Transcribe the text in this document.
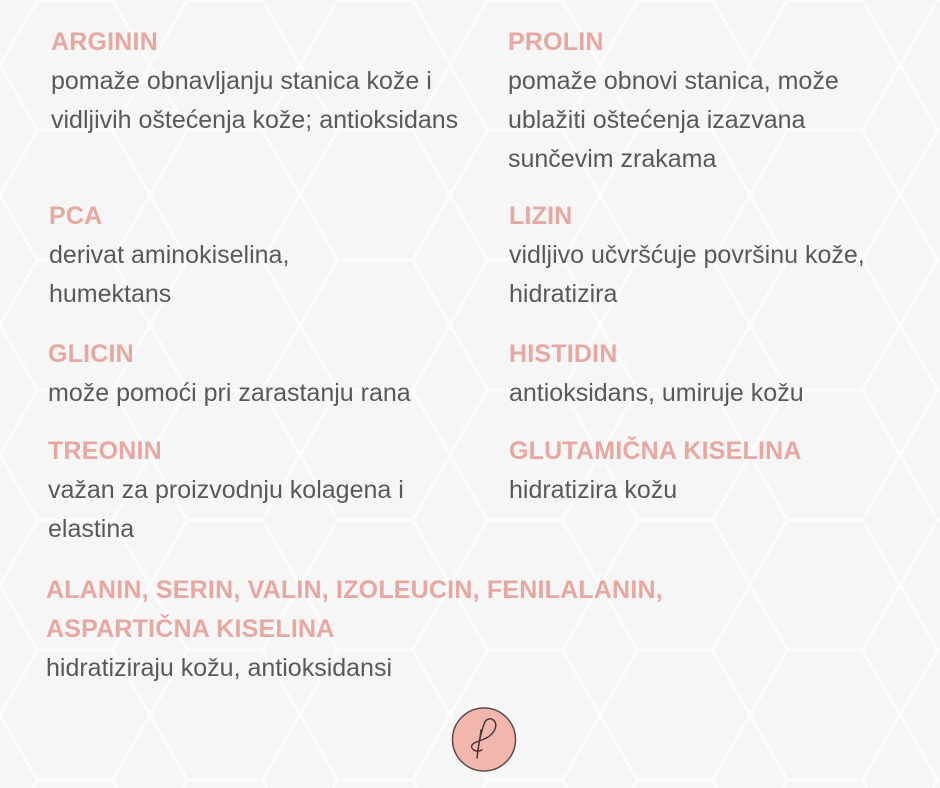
ARGININ
pomaže obnavljanju stanica kože i vidljivih oštećenja kože; antioksidans
PROLIN
pomaže obnovi stanica, može ublažiti oštećenja izazvana sunčevim zrakama
PCA
derivat aminokiselina, humektans
LIZIN
vidljivo učvršćuje površinu kože, hidratizira
GLICIN
može pomoći pri zarastanju rana
HISTIDIN
antioksidans, umiruje kožu
TREONIN
važan za proizvodnju kolagena i elastina
GLUTAMIČNA KISELINA
hidratizira kožu
ALANIN, SERIN, VALIN, IZOLEUCIN, FENILALANIN,
ASPARTIČNA KISELINA
hidratiziraju kožu, antioksidansi
